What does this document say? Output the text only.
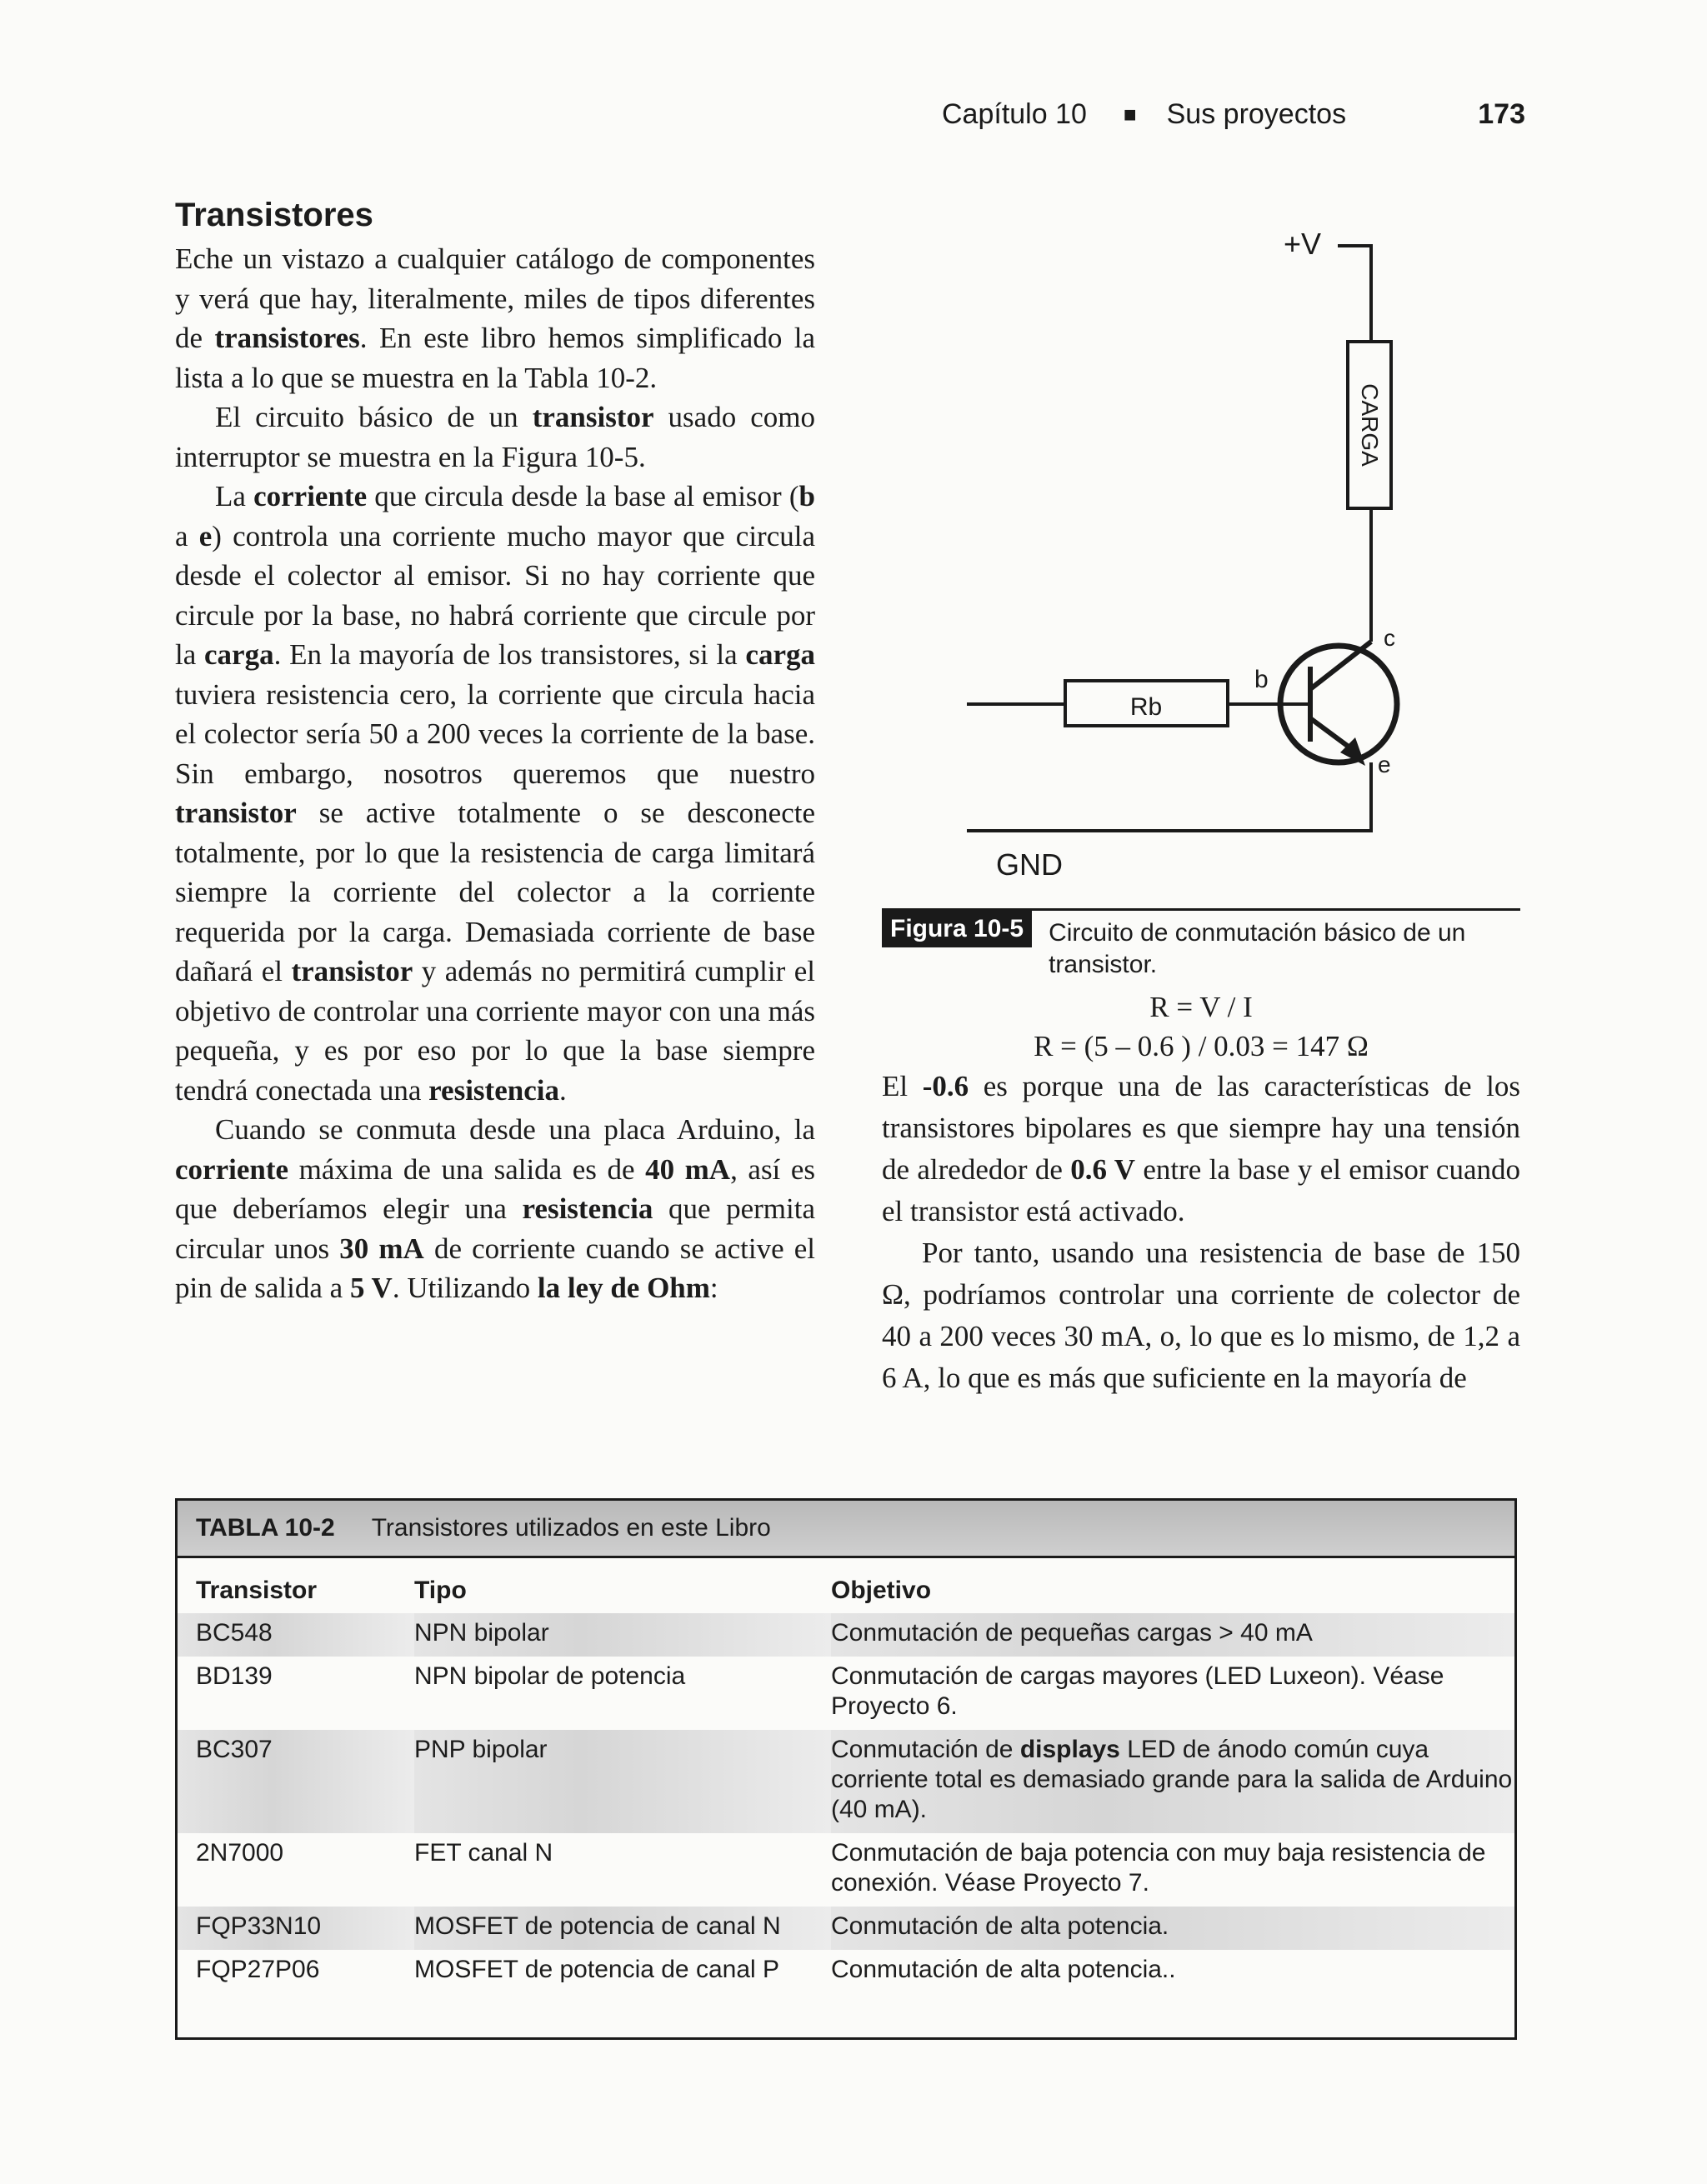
Capítulo 10 ■ Sus proyectos	173
Transistores

Eche un vistazo a cualquier catálogo de componentes y verá que hay, literalmente, miles de tipos diferentes de transistores. En este libro hemos simplificado la lista a lo que se muestra en la Tabla 10-2.

El circuito básico de un transistor usado como interruptor se muestra en la Figura 10-5.

La corriente que circula desde la base al emisor (b a e) controla una corriente mucho mayor que circula desde el colector al emisor. Si no hay corriente que circule por la base, no habrá corriente que circule por la carga. En la mayoría de los transistores, si la carga tuviera resistencia cero, la corriente que circula hacia el colector sería 50 a 200 veces la corriente de la base. Sin embargo, nosotros queremos que nuestro transistor se active totalmente o se desconecte totalmente, por lo que la resistencia de carga limitará siempre la corriente del colector a la corriente requerida por la carga. Demasiada corriente de base dañará el transistor y además no permitirá cumplir el objetivo de controlar una corriente mayor con una más pequeña, y es por eso por lo que la base siempre tendrá conectada una resistencia.

Cuando se conmuta desde una placa Arduino, la corriente máxima de una salida es de 40 mA, así es que deberíamos elegir una resistencia que permita circular unos 30 mA de corriente cuando se active el pin de salida a 5 V. Utilizando la ley de Ohm:

+V
CARGA
Rb
b
c
e
GND
Figura 10-5	Circuito de conmutación básico de un transistor.

R = V / I

R = (5 – 0.6 ) / 0.03 = 147 Ω

El -0.6 es porque una de las características de los transistores bipolares es que siempre hay una tensión de alrededor de 0.6 V entre la base y el emisor cuando el transistor está activado.

Por tanto, usando una resistencia de base de 150 Ω, podríamos controlar una corriente de colector de 40 a 200 veces 30 mA, o, lo que es lo mismo, de 1,2 a 6 A, lo que es más que suficiente en la mayoría de

TABLA 10-2 Transistores utilizados en este Libro
Transistor	Tipo	Objetivo
BC548	NPN bipolar	Conmutación de pequeñas cargas > 40 mA
BD139	NPN bipolar de potencia	Conmutación de cargas mayores (LED Luxeon). Véase Proyecto 6.
BC307	PNP bipolar	Conmutación de displays LED de ánodo común cuya corriente total es demasiado grande para la salida de Arduino (40 mA).
2N7000	FET canal N	Conmutación de baja potencia con muy baja resistencia de conexión. Véase Proyecto 7.
FQP33N10	MOSFET de potencia de canal N	Conmutación de alta potencia.
FQP27P06	MOSFET de potencia de canal P	Conmutación de alta potencia..
